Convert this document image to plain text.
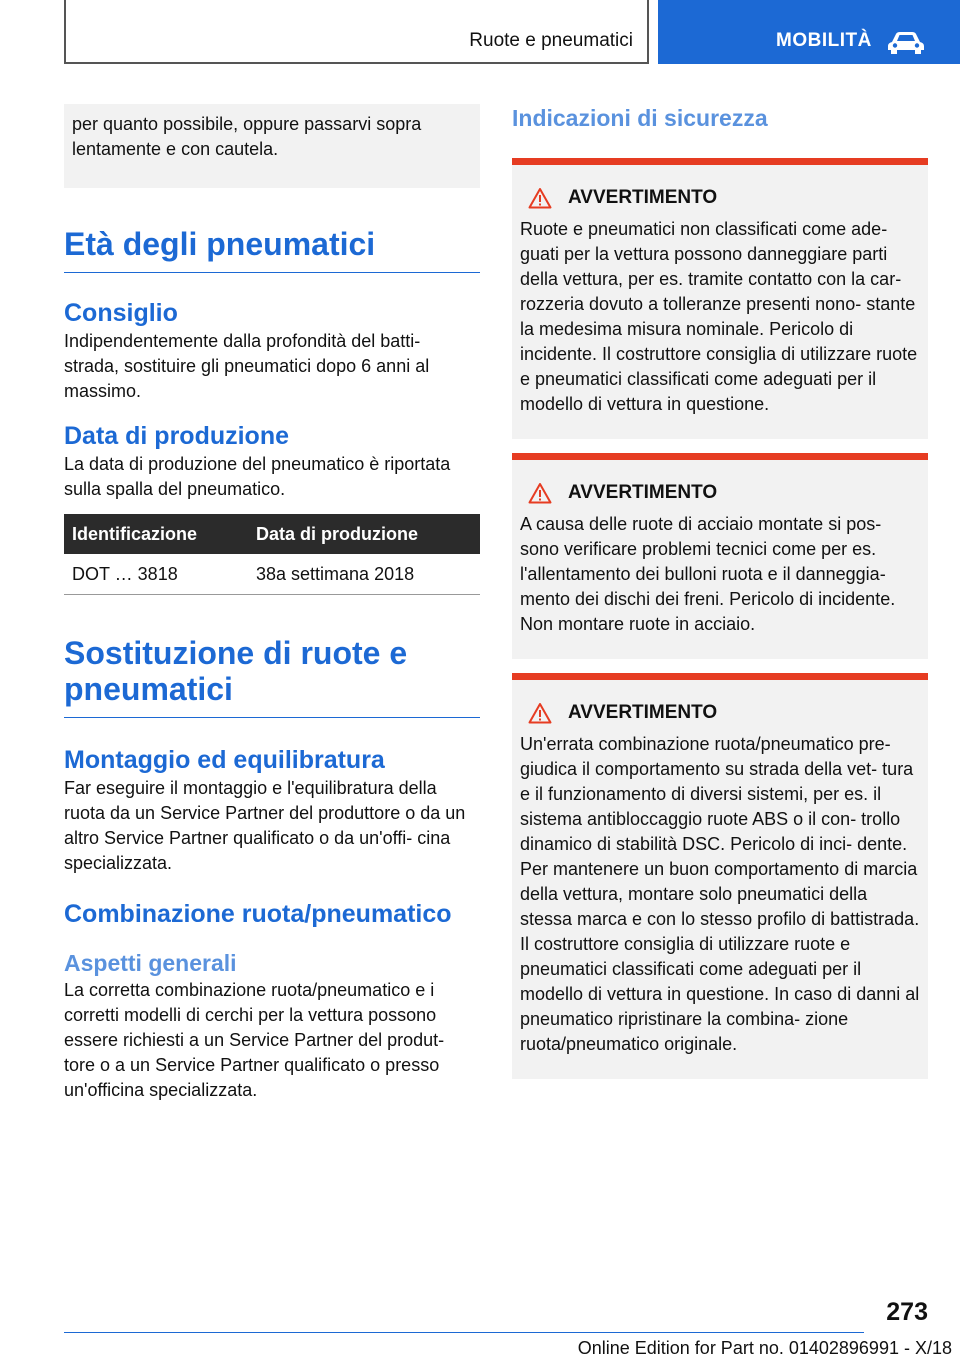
Ruote e pneumatici	MOBILITÀ
per quanto possibile, oppure passarvi sopra lentamente e con cautela.
Età degli pneumatici
Consiglio

Indipendentemente dalla profondità del batti- strada, sostituire gli pneumatici dopo 6 anni al massimo.

Data di produzione

La data di produzione del pneumatico è riportata sulla spalla del pneumatico.

Identificazione	Data di produzione
DOT … 3818	38a settimana 2018
Sostituzione di ruote e pneumatici
Montaggio ed equilibratura

Far eseguire il montaggio e l'equilibratura della ruota da un Service Partner del produttore o da un altro Service Partner qualificato o da un'offi- cina specializzata.

Combinazione ruota/pneumatico
Aspetti generali

La corretta combinazione ruota/pneumatico e i corretti modelli di cerchi per la vettura possono essere richiesti a un Service Partner del produt- tore o a un Service Partner qualificato o presso un'officina specializzata.

Indicazioni di sicurezza
AVVERTIMENTO

Ruote e pneumatici non classificati come ade- guati per la vettura possono danneggiare parti della vettura, per es. tramite contatto con la car- rozzeria dovuto a tolleranze presenti nono- stante la medesima misura nominale. Pericolo di incidente. Il costruttore consiglia di utilizzare ruote e pneumatici classificati come adeguati per il modello di vettura in questione.

AVVERTIMENTO

A causa delle ruote di acciaio montate si pos- sono verificare problemi tecnici come per es. l'allentamento dei bulloni ruota e il danneggia- mento dei dischi dei freni. Pericolo di incidente. Non montare ruote in acciaio.

AVVERTIMENTO

Un'errata combinazione ruota/pneumatico pre- giudica il comportamento su strada della vet- tura e il funzionamento di diversi sistemi, per es. il sistema antibloccaggio ruote ABS o il con- trollo dinamico di stabilità DSC. Pericolo di inci- dente. Per mantenere un buon comportamento di marcia della vettura, montare solo pneumatici della stessa marca e con lo stesso profilo di battistrada. Il costruttore consiglia di utilizzare ruote e pneumatici classificati come adeguati per il modello di vettura in questione. In caso di danni al pneumatico ripristinare la combina- zione ruota/pneumatico originale.

273
Online Edition for Part no. 01402896991 - X/18
